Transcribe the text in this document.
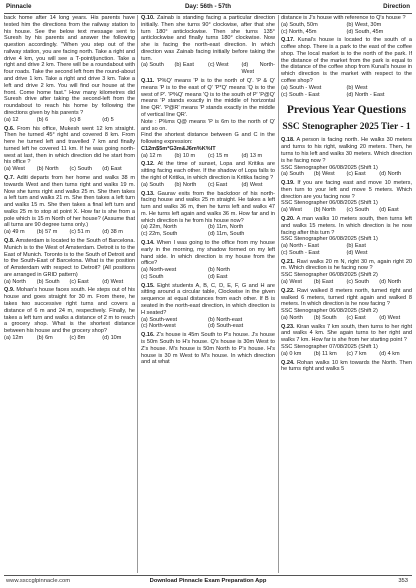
Pinnacle	Day: 56th - 57th	Direction

back home after 14 long years. His parents have tested him the directions from the railway station to his house. See the below text message sent to Suresh by his parents and answer the following question accordingly. "When you step out of the railway station, you are facing north. Take a right and drive 4 km, you will see a T-point/junction. Take a right and drive 2 km. There will be a roundabout with four roads. Take the second left from the round-about and drive 1 km. Take a right and drive 3 km. Take a left and drive 2 km. You will find our house at the front. Come home fast." How many kilometres did Suresh drive after taking the second-left from the roundabout to reach his home by following the directions given by his parents ?

(a) 12	(b) 6	(c) 8	(d) 5

Q.6. From his office, Mukesh went 12 km straight. Then he turned 45° right and covered 8 km. From here he turned left and travelled 7 km and finally turned left he covered 11 km. If he was going north-west at last, then in which direction did he start from his office ?

(a) West	(b) North	(c) South	(d) East

Q.7. Aditi departs from her home and walks 38 m towards West and then turns right and walks 19 m. Now she turns right and walks 25 m. She then takes a left turn and walks 21 m. She then takes a left turn and walks 15 m. She then takes a final left turn and walks 25 m to stop at point X. How far is she from a pole which is 15 m North of her house? (Assume that all turns are 90 degree turns only.)

(a) 49 m	(b) 57 m	(c) 51 m	(d) 38 m

Q.8. Amsterdam is located to the South of Barcelona. Munich is to the West of Amsterdam. Detroit is to the East of Munich. Toronto is to the South of Detroit and to the South-East of Barcelona. What is the position of Amsterdam with respect to Detroit? (All positions are arranged in GRID pattern)

(a) North	(b) South	(c) East	(d) West

Q.9. Mohan's house faces south. He steps out of his house and goes straight for 30 m. From there, he takes two successive right turns and covers a distance of 6 m and 24 m, respectively. Finally, he takes a left turn and walks a distance of 2 m to reach a grocery shop. What is the shortest distance between his house and the grocery shop?

(a) 12m	(b) 6m	(c) 8m	(d) 10m

Q.10. Zainab is standing facing a particular direction initially. Then she turns 90° clockwise, after that she turn 180° anticlockwise. Then she turns 135° anticlockwise and finally turns 180° clockwise. Now she is facing the north-east direction. In which direction was Zainab facing initially before taking the turn.

(a) South	(b) East	(c) West	(d) North-West

Q.11. 'P%Q' means 'P is to the north of Q'. 'P & Q' means 'P is to the east of Q' 'P*Q' means 'Q is to the west of P'. 'P%Q' means 'Q is to the south of P' 'P@Q' means 'P stands exactly in the middle of horizontal line QR'. 'P@R' means 'P stands exactly in the middle of vertical line QR'.

Note : P%ms Q@ means 'P is 6m to the north of Q' and so on.

Find the shortest distance between G and C in the following expression:

C12m$5m*G3m&J6m%K%IT

(a) 12 m	(b) 10 m	(c) 15 m	(d) 13 m

Q.12. At the time of sunset, Lopa and Kritika are sitting facing each other. If the shadow of Lopa falls to the right of Kritika, in which direction is Kritika facing ?

(a) South	(b) North	(c) East	(d) West

Q.13. Gaurav exits from the backdoor of his north-facing house and walks 25 m straight. He takes a left turn and walks 36 m, then he turns left and walks 47 m. He turns left again and walks 36 m. How far and in which direction is he from his house now?

(a) 22m, North	(b) 11m, North
(c) 22m, South	(d) 11m, South

Q.14. When I was going to the office from my house early in the morning, my shadow formed on my left hand side. In which direction is my house from the office?

(a) North-west	(b) North
(c) South	(d) East

Q.15. Eight students A, B, C, D, E, F, G and H are sitting around a circular table, Clockwise in the given sequence at equal distances from each other. If B is seated in the north-east direction, in which direction is H seated?

(a) South-west	(b) North-east
(c) North-west	(d) South-east

Q.16. Z's house is 45m South to P's house. J's house is 50m South to H's house. Q's house is 30m West to Z's house. M's house is 50m North to P's house. H's house is 30 m West to M's house. In which direction and at what

distance is J's house with reference to Q's house ?

(a) South, 50m	(b) West, 30m
(c) North, 45m	(d) South, 45m

Q.17. Kunal's house is located to the south of a coffee shop. There is a park to the east of the coffee shop. The local market is to the north of the park. If the distance of the market from the park is equal to the distance of the coffee shop from Kunal's house in which direction is the market with respect to the coffee shop?

(a) South - West	(b) West
(c) South - East	(d) North - East
Previous Year Questions
SSC Stenographer 2025 Tier - 1

Q.18. A person is facing north. He walks 30 meters and turns to his right, walking 20 meters. Then, he turns to his left and walks 30 meters. Which direction is he facing now ?

SSC Stenographer 06/08/2025 (Shift 1)

(a) South	(b) West	(c) East	(d) North

Q.19. If you are facing east and move 10 meters, then turn to your left and move 5 meters. Which direction are you facing now ?

SSC Stenographer 06/08/2025 (Shift 1)

(a) West	(b) North	(c) South	(d) East

Q.20. A man walks 10 meters south, then turns left and walks 15 meters. In which direction is he now facing after this turn ?

SSC Stenographer 06/08/2025 (Shift 1)

(a) North - East	(b) East
(c) South - East	(d) West

Q.21. Ravi walks 20 m N, right 30 m, again right 20 m. Which direction is he facing now ?

SSC Stenographer 06/08/2025 (Shift 2)

(a) West	(b) East	(c) South	(d) North

Q.22. Ravi walked 8 meters north, turned right and walked 6 meters, turned right again and walked 8 meters. In which direction is he now facing ?

SSC Stenographer 06/08/2025 (Shift 2)

(a) North	(b) South	(c) East	(d) West

Q.23. Kiran walks 7 km south, then turns to her right and walks 4 km. She again turns to her right and walks 7 km. How far is she from her starting point ?

SSC Stenographer 07/08/2025 (Shift 1)

(a) 0 km	(b) 11 km	(c) 7 km	(d) 4 km

Q.24. Rohan walks 10 km towards the North. Then he turns right and walks 5

www.ssccglpinnacle.com	Download Pinnacle Exam Preparation App	353
